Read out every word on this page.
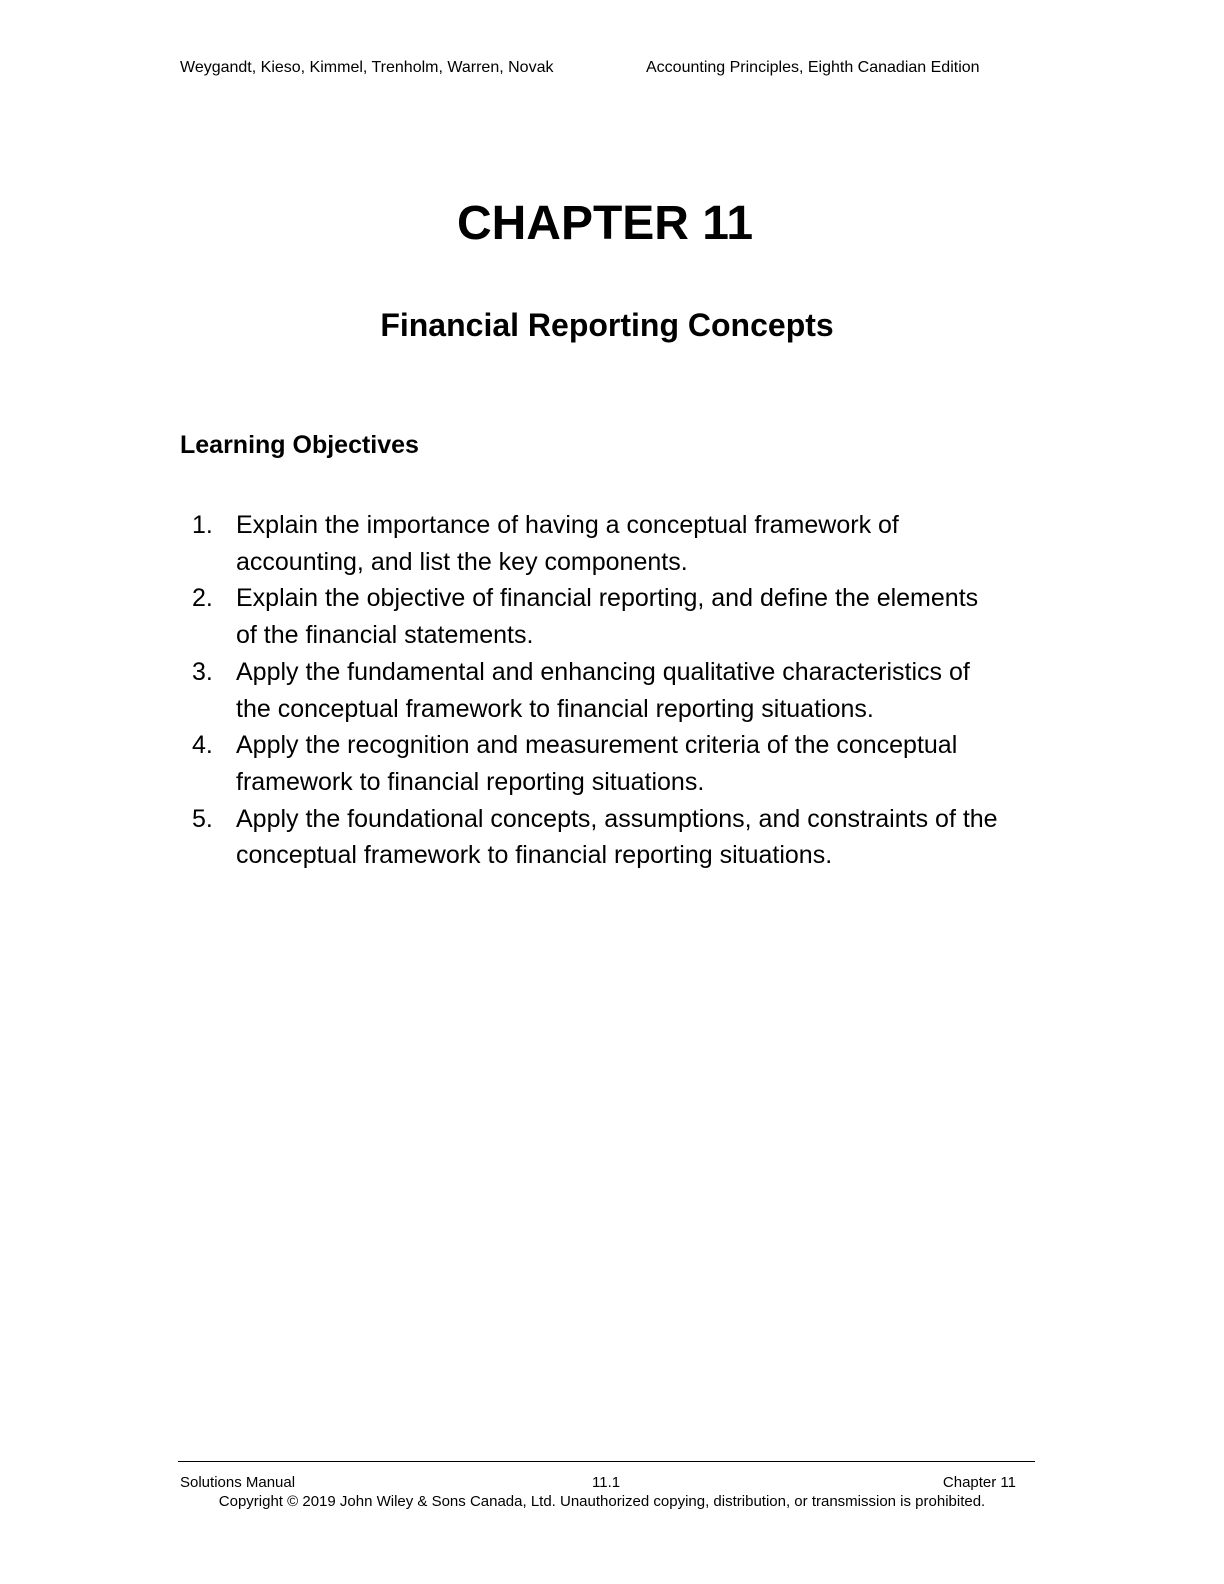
Weygandt, Kieso, Kimmel, Trenholm, Warren, Novak	Accounting Principles, Eighth Canadian Edition
CHAPTER 11
Financial Reporting Concepts
Learning Objectives
1. Explain the importance of having a conceptual framework of accounting, and list the key components.
2. Explain the objective of financial reporting, and define the elements of the financial statements.
3. Apply the fundamental and enhancing qualitative characteristics of the conceptual framework to financial reporting situations.
4. Apply the recognition and measurement criteria of the conceptual framework to financial reporting situations.
5. Apply the foundational concepts, assumptions, and constraints of the conceptual framework to financial reporting situations.
Solutions Manual	11.1	Chapter 11
Copyright © 2019 John Wiley & Sons Canada, Ltd. Unauthorized copying, distribution, or transmission is prohibited.
